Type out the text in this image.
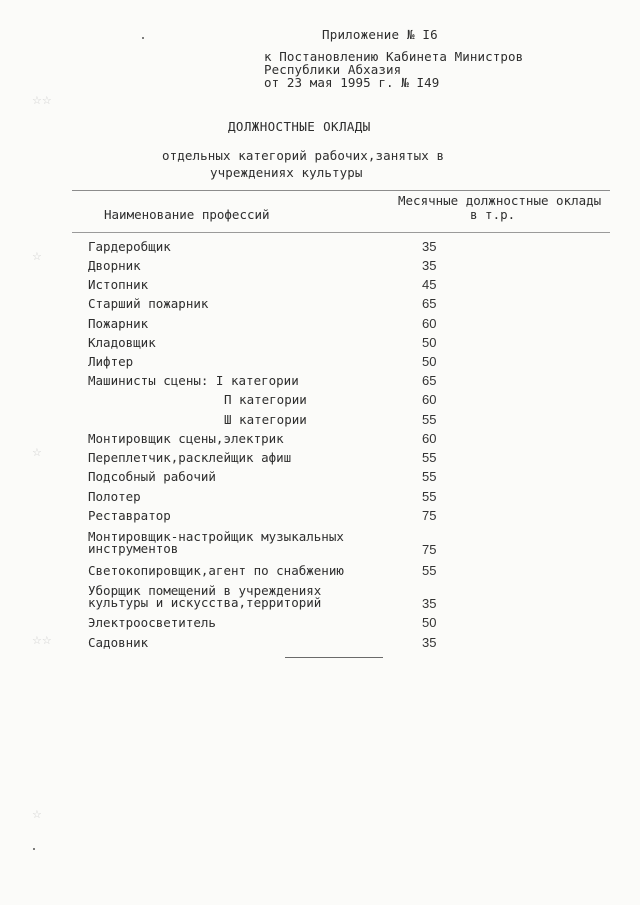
Приложение № I6
к Постановлению Кабинета Министров
Республики Абхазия
от 23 мая 1995 г. № I49
ДОЛЖНОСТНЫЕ ОКЛАДЫ
отдельных категорий рабочих,занятых в
учреждениях культуры
Наименование профессий
Месячные должностные оклады
в т.р.
Гардеробщик	35
Дворник	35
Истопник	45
Старший пожарник	65
Пожарник	60
Кладовщик	50
Лифтер	50
Машинисты сцены: I категории	65
П категории	60
Ш категории	55
Монтировщик сцены,электрик	60
Переплетчик,расклейщик афиш	55
Подсобный рабочий	55
Полотер	55
Реставратор	75
Монтировщик-настройщик музыкальных
инструментов	75
Светокопировщик,агент по снабжению	55
Уборщик помещений в учреждениях
культуры и искусства,территорий	35
Электроосветитель	50
Садовник	35
☆☆
☆
☆
☆☆
☆
